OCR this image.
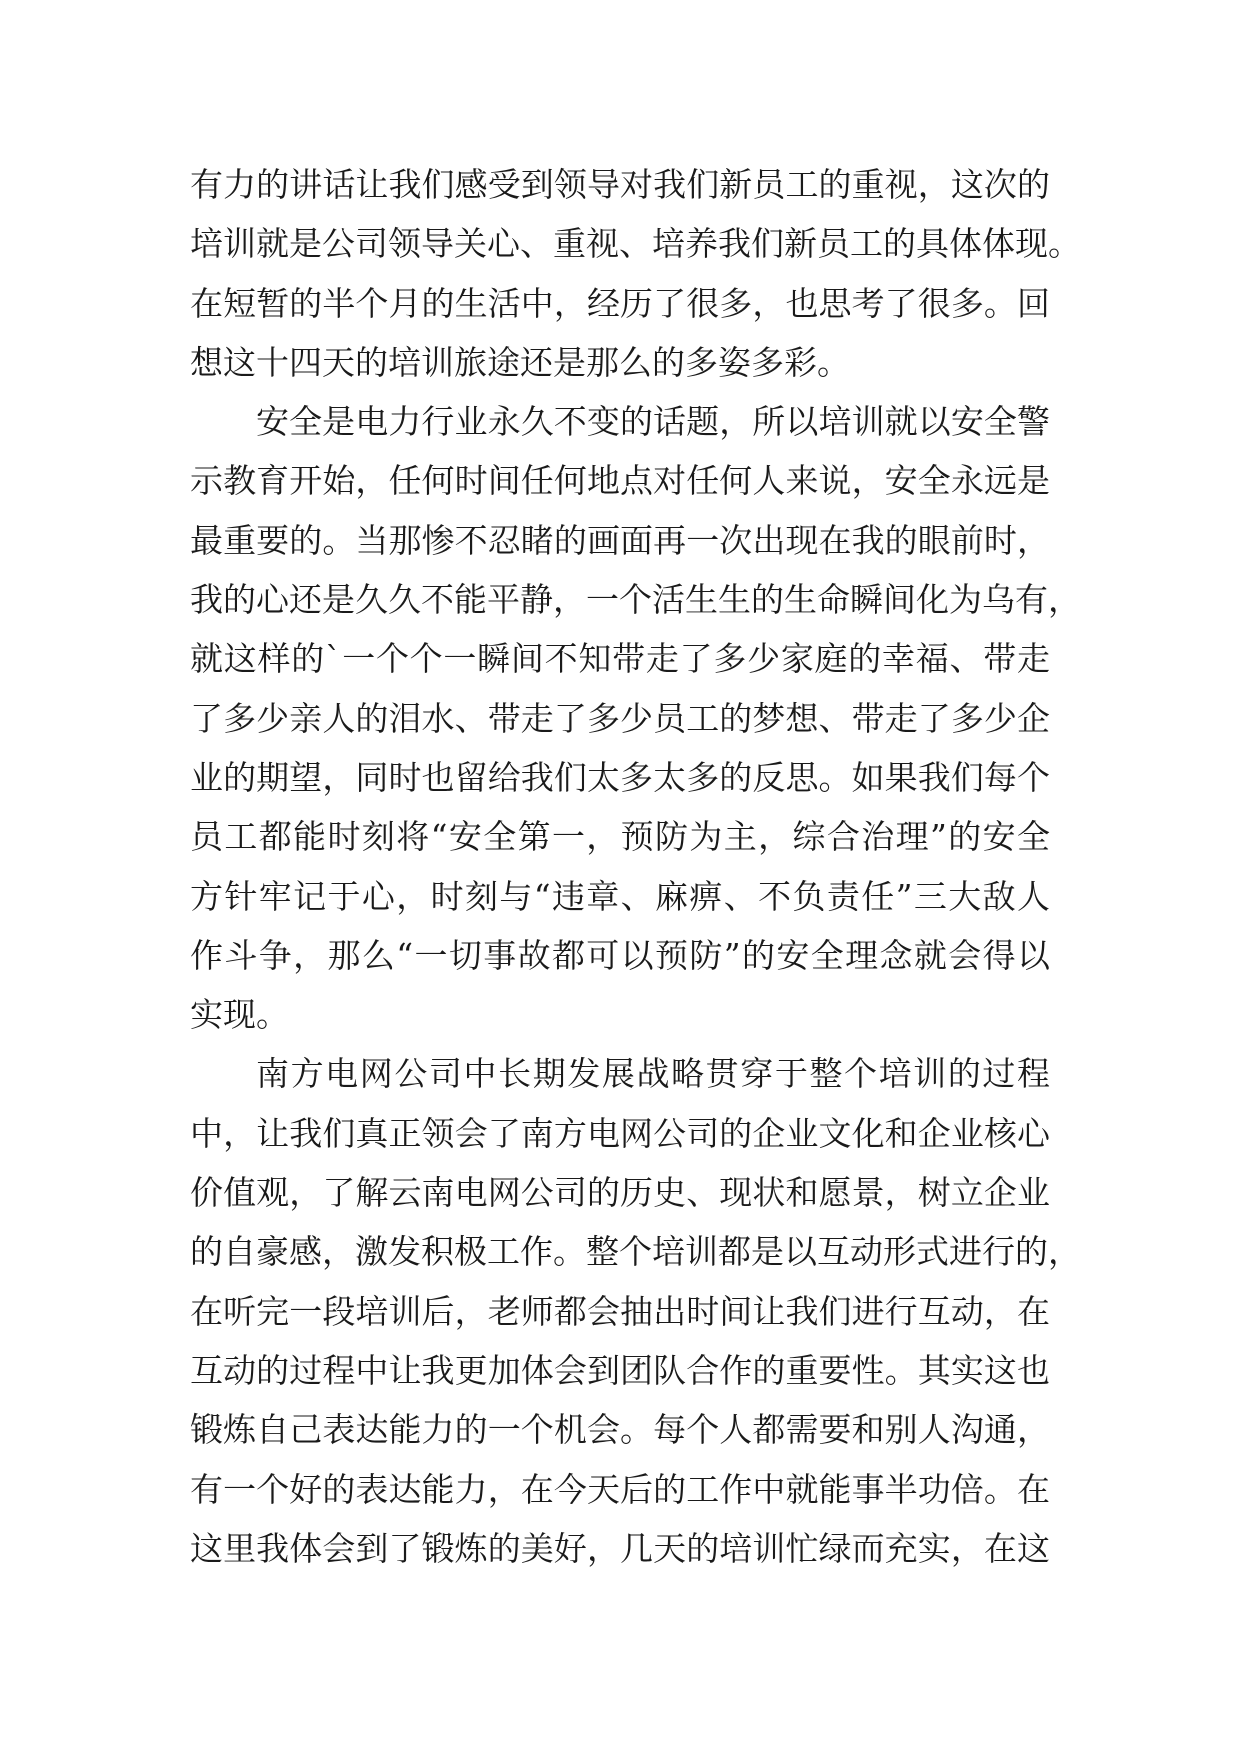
有力的讲话让我们感受到领导对我们新员工的重视，这次的
培训就是公司领导关心、重视、培养我们新员工的具体体现。
在短暂的半个月的生活中，经历了很多，也思考了很多。回
想这十四天的培训旅途还是那么的多姿多彩。
安全是电力行业永久不变的话题，所以培训就以安全警
示教育开始，任何时间任何地点对任何人来说，安全永远是
最重要的。当那惨不忍睹的画面再一次出现在我的眼前时，
我的心还是久久不能平静，一个活生生的生命瞬间化为乌有，
就这样的`一个个一瞬间不知带走了多少家庭的幸福、带走
了多少亲人的泪水、带走了多少员工的梦想、带走了多少企
业的期望，同时也留给我们太多太多的反思。如果我们每个
员工都能时刻将“安全第一，预防为主，综合治理”的安全
方针牢记于心，时刻与“违章、麻痹、不负责任”三大敌人
作斗争，那么“一切事故都可以预防”的安全理念就会得以
实现。
南方电网公司中长期发展战略贯穿于整个培训的过程
中，让我们真正领会了南方电网公司的企业文化和企业核心
价值观，了解云南电网公司的历史、现状和愿景，树立企业
的自豪感，激发积极工作。整个培训都是以互动形式进行的，
在听完一段培训后，老师都会抽出时间让我们进行互动，在
互动的过程中让我更加体会到团队合作的重要性。其实这也
锻炼自己表达能力的一个机会。每个人都需要和别人沟通，
有一个好的表达能力，在今天后的工作中就能事半功倍。在
这里我体会到了锻炼的美好，几天的培训忙绿而充实，在这
